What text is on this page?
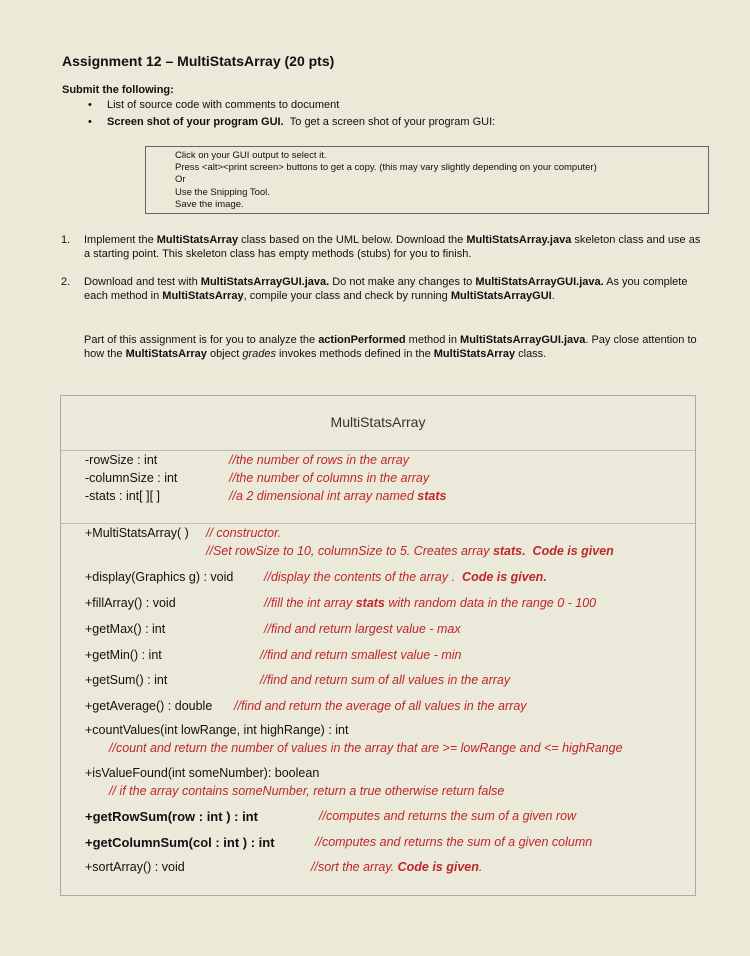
Assignment 12 – MultiStatsArray (20 pts)
Submit the following:
• List of source code with comments to document
• Screen shot of your program GUI. To get a screen shot of your program GUI:
Click on your GUI output to select it.
Press <alt><print screen> buttons to get a copy. (this may vary slightly depending on your computer)
Or
Use the Snipping Tool.
Save the image.
1. Implement the MultiStatsArray class based on the UML below. Download the MultiStatsArray.java skeleton class and use as a starting point. This skeleton class has empty methods (stubs) for you to finish.
2. Download and test with MultiStatsArrayGUI.java. Do not make any changes to MultiStatsArrayGUI.java. As you complete each method in MultiStatsArray, compile your class and check by running MultiStatsArrayGUI.
Part of this assignment is for you to analyze the actionPerformed method in MultiStatsArrayGUI.java. Pay close attention to how the MultiStatsArray object grades invokes methods defined in the MultiStatsArray class.
MultiStatsArray
-rowSize : int	//the number of rows in the array
-columnSize : int	//the number of columns in the array
-stats : int[ ][ ]	//a 2 dimensional int array named stats
+MultiStatsArray( ) // constructor.
//Set rowSize to 10, columnSize to 5. Creates array stats. Code is given
+display(Graphics g) : void //display the contents of the array .  Code is given.
+fillArray() : void	//fill the int array stats with random data in the range 0 - 100
+getMax() : int	//find and return largest value - max
+getMin() : int	//find and return smallest value - min
+getSum() : int	//find and return sum of all values in the array
+getAverage() : double //find and return the average of all values in the array
+countValues(int lowRange, int highRange) : int
//count and return the number of values in the array that are >= lowRange and <= highRange
+isValueFound(int someNumber): boolean
// if the array contains someNumber, return a true otherwise return false
+getRowSum(row : int ) : int	//computes and returns the sum of a given row
+getColumnSum(col : int ) : int	//computes and returns the sum of a given column
+sortArray() : void	//sort the array. Code is given.
